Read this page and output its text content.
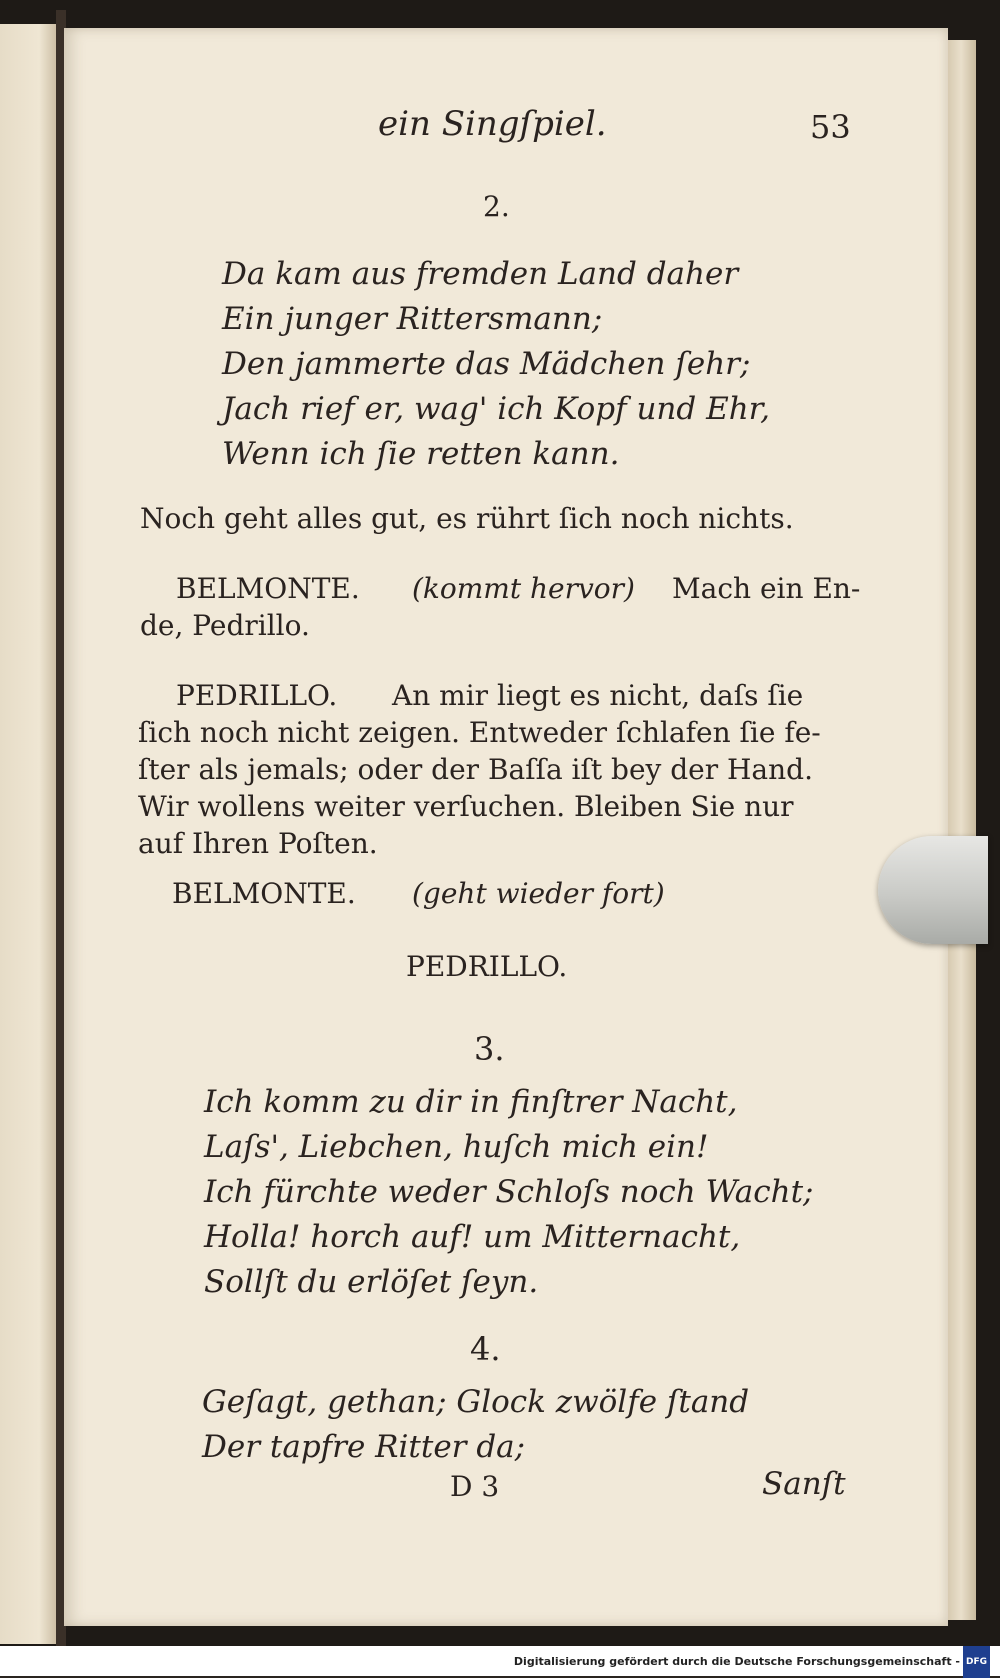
ein Singſpiel.	53
2.
Da kam aus fremden Land daher
Ein junger Rittersmann;
Den jammerte das Mädchen ſehr;
Jach rief er, wag' ich Kopf und Ehr,
Wenn ich ſie retten kann.
Noch geht alles gut, es rührt ſich noch nichts.
BELMONTE. (kommt hervor) Mach ein En-
de, Pedrillo.
PEDRILLO. An mir liegt es nicht, daſs ſie
ſich noch nicht zeigen. Entweder ſchlafen ſie fe-
ſter als jemals; oder der Baſſa iſt bey der Hand.
Wir wollens weiter verſuchen. Bleiben Sie nur
auf Ihren Poſten.
BELMONTE. (geht wieder fort)
PEDRILLO.
3.
Ich komm zu dir in finſtrer Nacht,
Laſs', Liebchen, huſch mich ein!
Ich fürchte weder Schloſs noch Wacht;
Holla! horch auf! um Mitternacht,
Sollſt du erlöſet ſeyn.
4.
Geſagt, gethan; Glock zwölfe ſtand
Der tapfre Ritter da;
D 3	Sanſt
Digitalisierung gefördert durch die Deutsche Forschungsgemeinschaft - DFG
